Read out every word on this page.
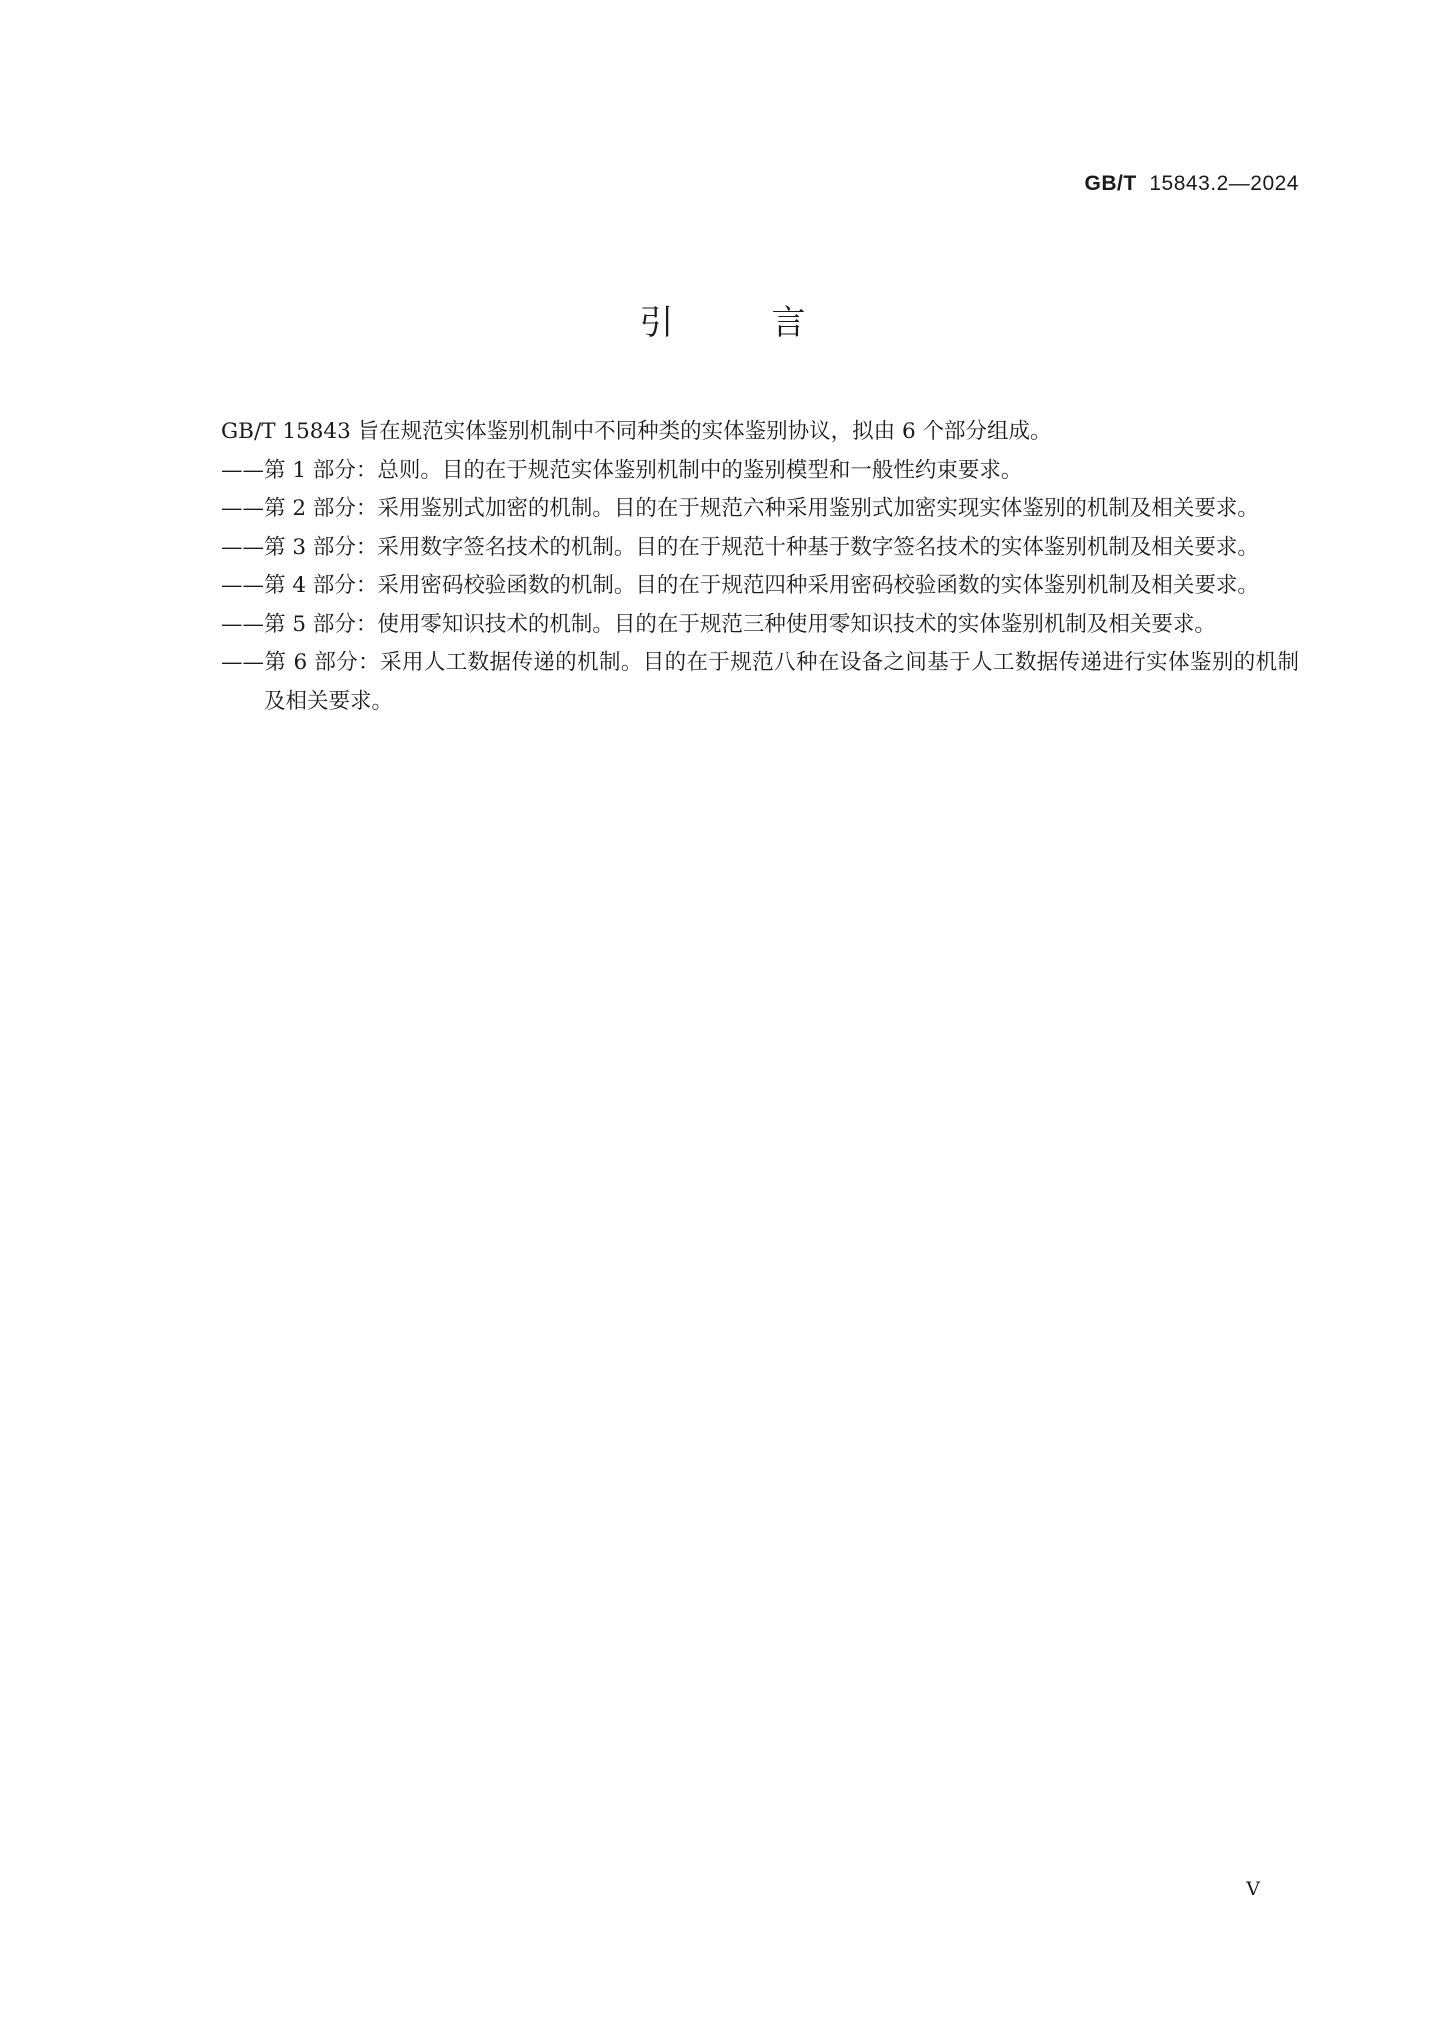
GB/T 15843.2—2024
引言

GB/T 15843 旨在规范实体鉴别机制中不同种类的实体鉴别协议，拟由 6 个部分组成。

——第 1 部分：总则。目的在于规范实体鉴别机制中的鉴别模型和一般性约束要求。

——第 2 部分：采用鉴别式加密的机制。目的在于规范六种采用鉴别式加密实现实体鉴别的机制及相关要求。

——第 3 部分：采用数字签名技术的机制。目的在于规范十种基于数字签名技术的实体鉴别机制及相关要求。

——第 4 部分：采用密码校验函数的机制。目的在于规范四种采用密码校验函数的实体鉴别机制及相关要求。

——第 5 部分：使用零知识技术的机制。目的在于规范三种使用零知识技术的实体鉴别机制及相关要求。

——第 6 部分：采用人工数据传递的机制。目的在于规范八种在设备之间基于人工数据传递进行实体鉴别的机制及相关要求。

V
